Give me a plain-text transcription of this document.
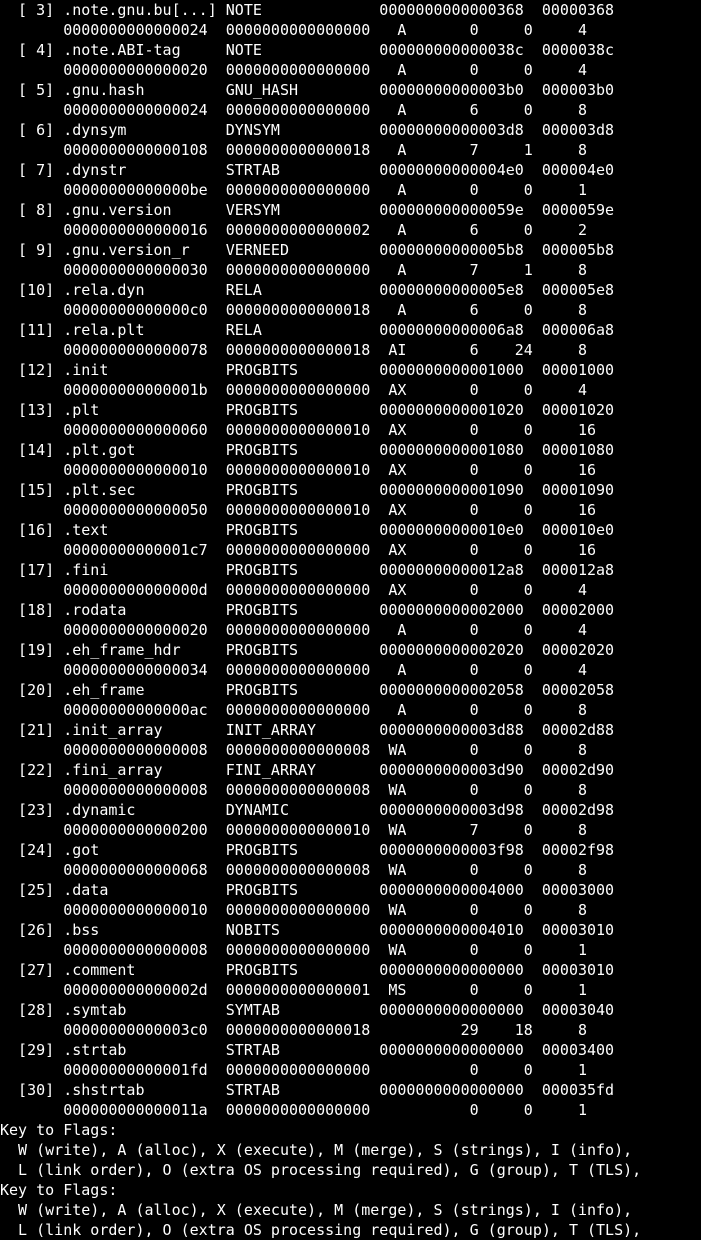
[ 3] .note.gnu.bu[...] NOTE             0000000000000368  00000368
0000000000000024  0000000000000000   A       0     0     4
[ 4] .note.ABI-tag     NOTE             000000000000038c  0000038c
0000000000000020  0000000000000000   A       0     0     4
[ 5] .gnu.hash         GNU_HASH         00000000000003b0  000003b0
0000000000000024  0000000000000000   A       6     0     8
[ 6] .dynsym           DYNSYM           00000000000003d8  000003d8
0000000000000108  0000000000000018   A       7     1     8
[ 7] .dynstr           STRTAB           00000000000004e0  000004e0
00000000000000be  0000000000000000   A       0     0     1
[ 8] .gnu.version      VERSYM           000000000000059e  0000059e
0000000000000016  0000000000000002   A       6     0     2
[ 9] .gnu.version_r    VERNEED          00000000000005b8  000005b8
0000000000000030  0000000000000000   A       7     1     8
[10] .rela.dyn         RELA             00000000000005e8  000005e8
00000000000000c0  0000000000000018   A       6     0     8
[11] .rela.plt         RELA             00000000000006a8  000006a8
0000000000000078  0000000000000018  AI       6    24     8
[12] .init             PROGBITS         0000000000001000  00001000
000000000000001b  0000000000000000  AX       0     0     4
[13] .plt              PROGBITS         0000000000001020  00001020
0000000000000060  0000000000000010  AX       0     0     16
[14] .plt.got          PROGBITS         0000000000001080  00001080
0000000000000010  0000000000000010  AX       0     0     16
[15] .plt.sec          PROGBITS         0000000000001090  00001090
0000000000000050  0000000000000010  AX       0     0     16
[16] .text             PROGBITS         00000000000010e0  000010e0
00000000000001c7  0000000000000000  AX       0     0     16
[17] .fini             PROGBITS         00000000000012a8  000012a8
000000000000000d  0000000000000000  AX       0     0     4
[18] .rodata           PROGBITS         0000000000002000  00002000
0000000000000020  0000000000000000   A       0     0     4
[19] .eh_frame_hdr     PROGBITS         0000000000002020  00002020
0000000000000034  0000000000000000   A       0     0     4
[20] .eh_frame         PROGBITS         0000000000002058  00002058
00000000000000ac  0000000000000000   A       0     0     8
[21] .init_array       INIT_ARRAY       0000000000003d88  00002d88
0000000000000008  0000000000000008  WA       0     0     8
[22] .fini_array       FINI_ARRAY       0000000000003d90  00002d90
0000000000000008  0000000000000008  WA       0     0     8
[23] .dynamic          DYNAMIC          0000000000003d98  00002d98
0000000000000200  0000000000000010  WA       7     0     8
[24] .got              PROGBITS         0000000000003f98  00002f98
0000000000000068  0000000000000008  WA       0     0     8
[25] .data             PROGBITS         0000000000004000  00003000
0000000000000010  0000000000000000  WA       0     0     8
[26] .bss              NOBITS           0000000000004010  00003010
0000000000000008  0000000000000000  WA       0     0     1
[27] .comment          PROGBITS         0000000000000000  00003010
000000000000002d  0000000000000001  MS       0     0     1
[28] .symtab           SYMTAB           0000000000000000  00003040
00000000000003c0  0000000000000018          29    18     8
[29] .strtab           STRTAB           0000000000000000  00003400
00000000000001fd  0000000000000000           0     0     1
[30] .shstrtab         STRTAB           0000000000000000  000035fd
000000000000011a  0000000000000000           0     0     1
Key to Flags:
W (write), A (alloc), X (execute), M (merge), S (strings), I (info),
L (link order), O (extra OS processing required), G (group), T (TLS),
Key to Flags:
W (write), A (alloc), X (execute), M (merge), S (strings), I (info),
L (link order), O (extra OS processing required), G (group), T (TLS),
